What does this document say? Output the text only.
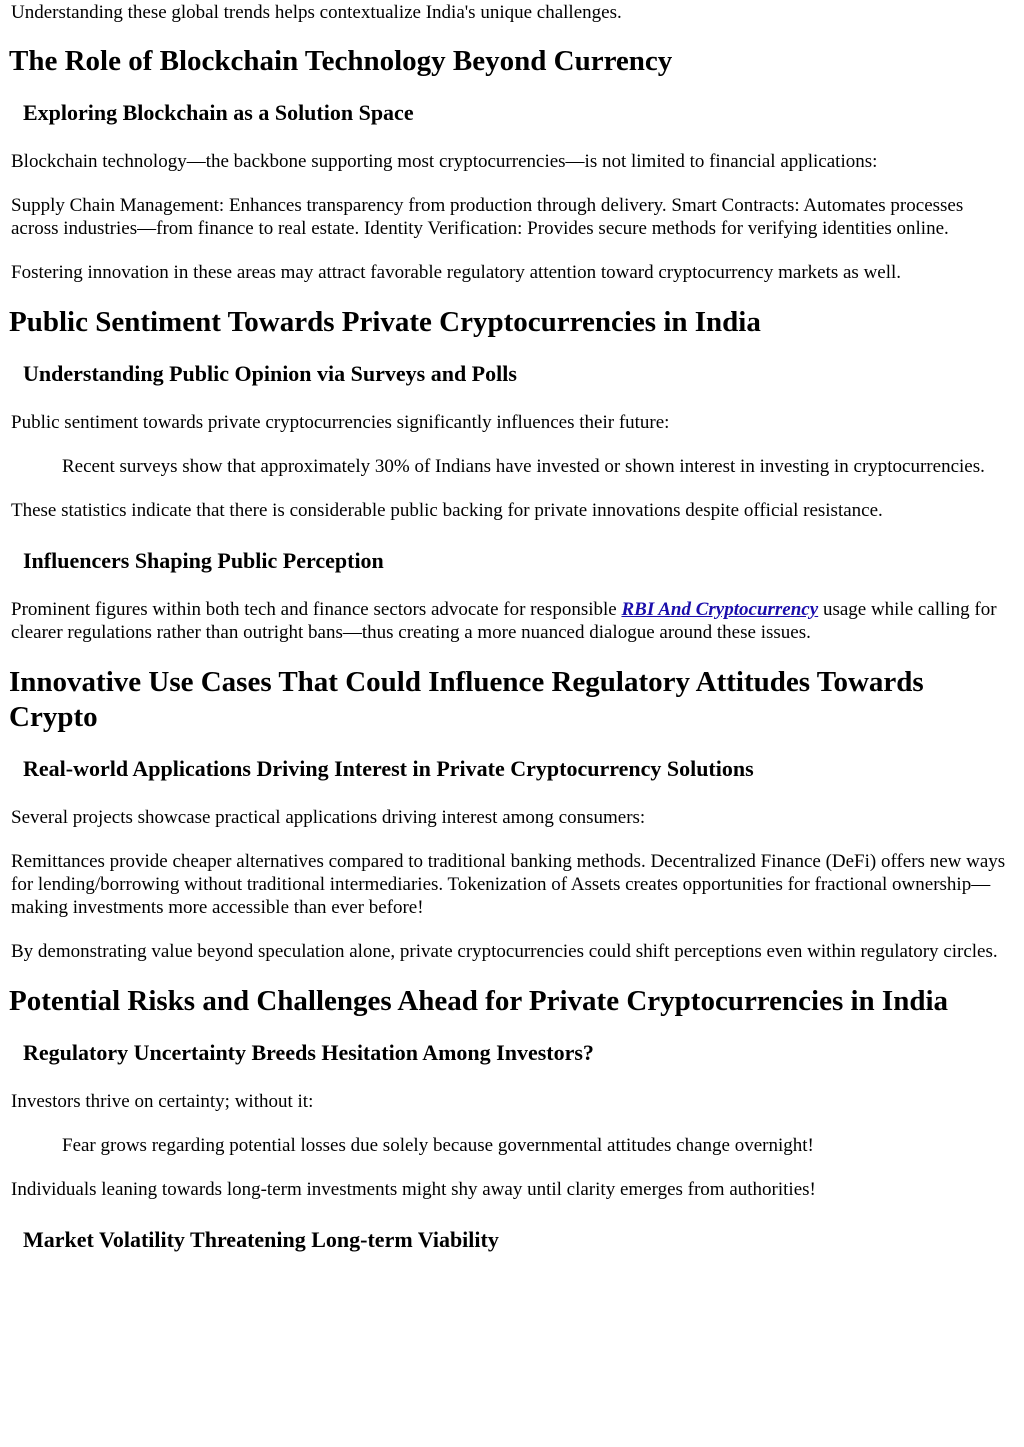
Understanding these global trends helps contextualize India's unique challenges.

The Role of Blockchain Technology Beyond Currency
Exploring Blockchain as a Solution Space

Blockchain technology—the backbone supporting most cryptocurrencies—is not limited to financial applications:

Supply Chain Management: Enhances transparency from production through delivery. Smart Contracts: Automates processes across industries—from finance to real estate. Identity Verification: Provides secure methods for verifying identities online.

Fostering innovation in these areas may attract favorable regulatory attention toward cryptocurrency markets as well.

Public Sentiment Towards Private Cryptocurrencies in India
Understanding Public Opinion via Surveys and Polls

Public sentiment towards private cryptocurrencies significantly influences their future:

Recent surveys show that approximately 30% of Indians have invested or shown interest in investing in cryptocurrencies.

These statistics indicate that there is considerable public backing for private innovations despite official resistance.

Influencers Shaping Public Perception

Prominent figures within both tech and finance sectors advocate for responsible RBI And Cryptocurrency usage while calling for clearer regulations rather than outright bans—thus creating a more nuanced dialogue around these issues.

Innovative Use Cases That Could Influence Regulatory Attitudes Towards Crypto
Real-world Applications Driving Interest in Private Cryptocurrency Solutions

Several projects showcase practical applications driving interest among consumers:

Remittances provide cheaper alternatives compared to traditional banking methods. Decentralized Finance (DeFi) offers new ways for lending/borrowing without traditional intermediaries. Tokenization of Assets creates opportunities for fractional ownership—making investments more accessible than ever before!

By demonstrating value beyond speculation alone, private cryptocurrencies could shift perceptions even within regulatory circles.

Potential Risks and Challenges Ahead for Private Cryptocurrencies in India
Regulatory Uncertainty Breeds Hesitation Among Investors?

Investors thrive on certainty; without it:

Fear grows regarding potential losses due solely because governmental attitudes change overnight!

Individuals leaning towards long-term investments might shy away until clarity emerges from authorities!

Market Volatility Threatening Long-term Viability
